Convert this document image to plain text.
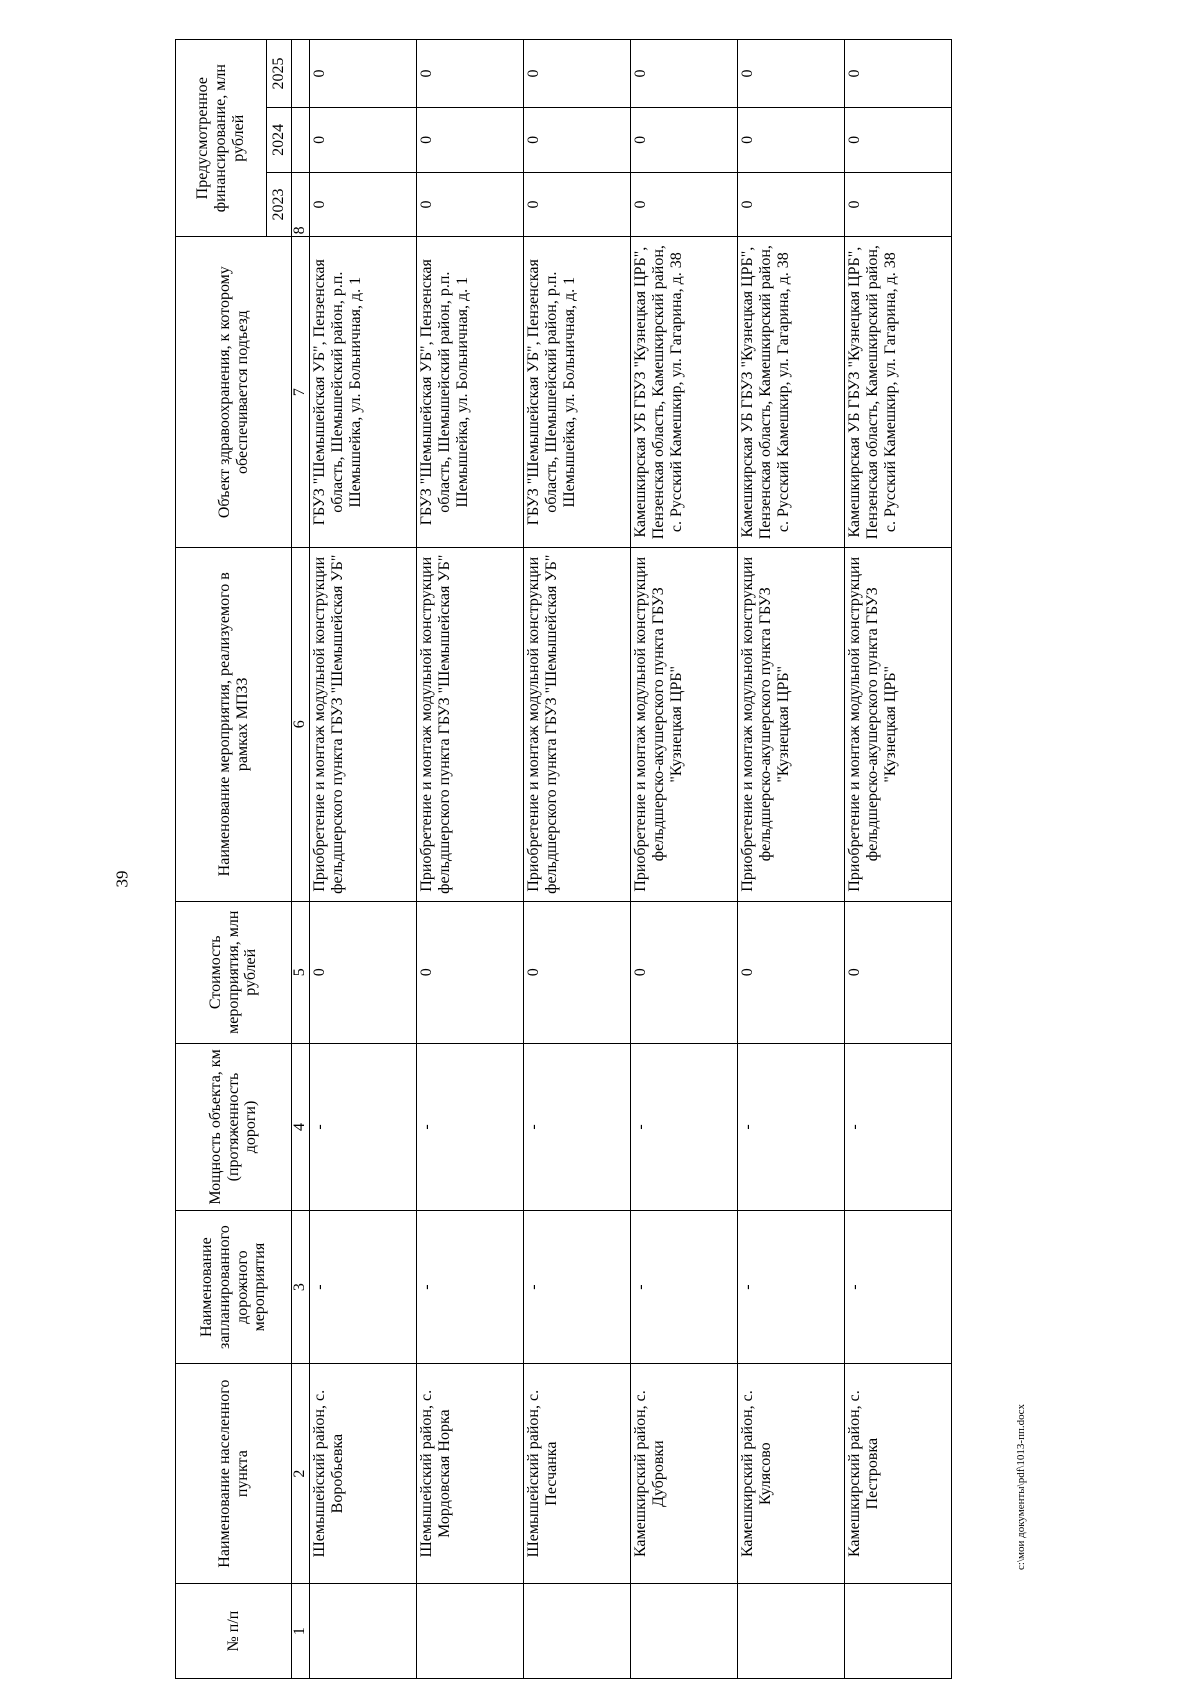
39
№ п/п	Наименование населенного пункта	Наименование запланированного дорожного мероприятия	Мощность объекта, км (протяженность дороги)	Стоимость мероприятия, млн рублей	Наименование мероприятия, реализуемого в рамках МПЗЗ	Объект здравоохранения, к которому обеспечивается подъезд	Предусмотренное финансирование, млн рублей		
							2023	2024	2025
1	2	3	4	5	6	7	8		
	Шемышейский район, с. Воробьевка	-	-	0	Приобретение и монтаж модульной конструкции фельдшерского пункта ГБУЗ "Шемышейская УБ"	ГБУЗ "Шемышейская УБ", Пензенская область, Шемышейский район, р.п. Шемышейка, ул. Больничная, д. 1	0	0	0
	Шемышейский район, с. Мордовская Норка	-	-	0	Приобретение и монтаж модульной конструкции фельдшерского пункта ГБУЗ "Шемышейская УБ"	ГБУЗ "Шемышейская УБ", Пензенская область, Шемышейский район, р.п. Шемышейка, ул. Больничная, д. 1	0	0	0
	Шемышейский район, с. Песчанка	-	-	0	Приобретение и монтаж модульной конструкции фельдшерского пункта ГБУЗ "Шемышейская УБ"	ГБУЗ "Шемышейская УБ", Пензенская область, Шемышейский район, р.п. Шемышейка, ул. Больничная, д. 1	0	0	0
	Камешкирский район, с. Дубровки	-	-	0	Приобретение и монтаж модульной конструкции фельдшерско-акушерского пункта ГБУЗ "Кузнецкая ЦРБ"	Камешкирская УБ ГБУЗ "Кузнецкая ЦРБ", Пензенская область, Камешкирский район, с. Русский Камешкир, ул. Гагарина, д. 38	0	0	0
	Камешкирский район, с. Кулясово	-	-	0	Приобретение и монтаж модульной конструкции фельдшерско-акушерского пункта ГБУЗ "Кузнецкая ЦРБ"	Камешкирская УБ ГБУЗ "Кузнецкая ЦРБ", Пензенская область, Камешкирский район, с. Русский Камешкир, ул. Гагарина, д. 38	0	0	0
	Камешкирский район, с. Пестровка	-	-	0	Приобретение и монтаж модульной конструкции фельдшерско-акушерского пункта ГБУЗ "Кузнецкая ЦРБ"	Камешкирская УБ ГБУЗ "Кузнецкая ЦРБ", Пензенская область, Камешкирский район, с. Русский Камешкир, ул. Гагарина, д. 38	0	0	0
c:\мои документы\pdf\1013-пп.docx
